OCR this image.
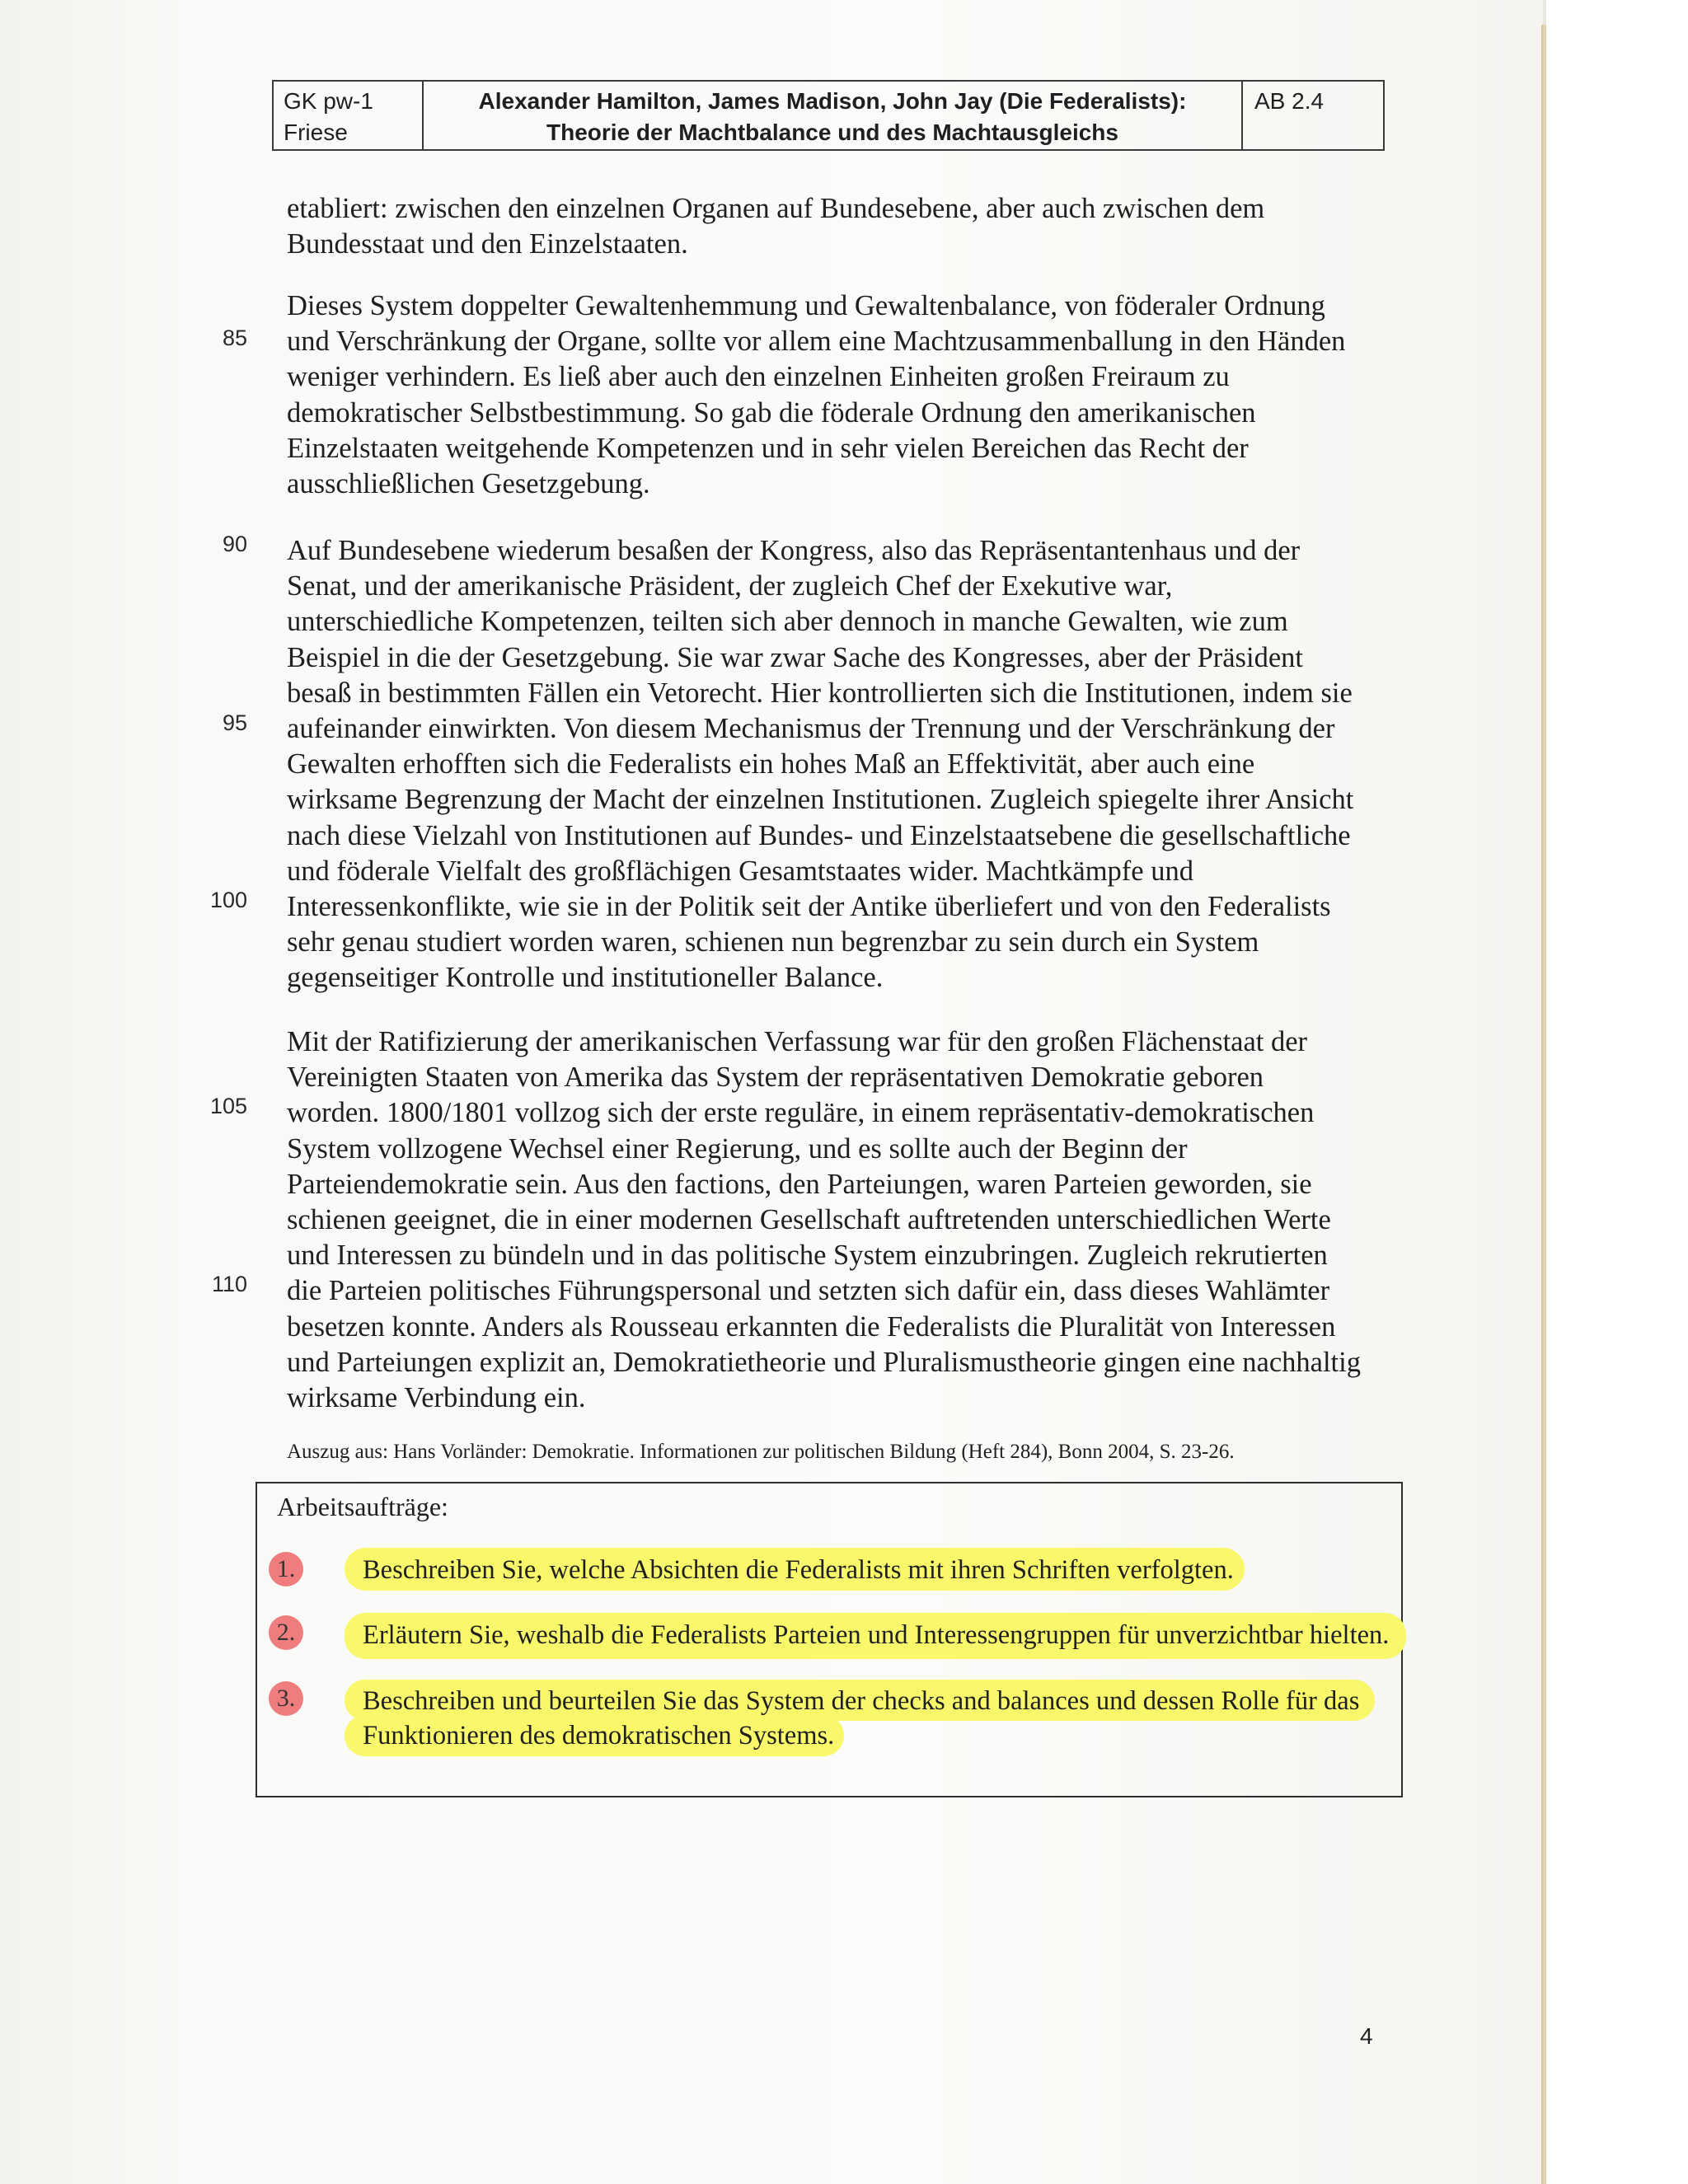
GK pw-1
Friese
Alexander Hamilton, James Madison, John Jay (Die Federalists):
Theorie der Machtbalance und des Machtausgleichs
AB 2.4
85
90
95
100
105
110
etabliert: zwischen den einzelnen Organen auf Bundesebene, aber auch zwischen dem
Bundesstaat und den Einzelstaaten.
Dieses System doppelter Gewaltenhemmung und Gewaltenbalance, von föderaler Ordnung
und Verschränkung der Organe, sollte vor allem eine Machtzusammenballung in den Händen
weniger verhindern. Es ließ aber auch den einzelnen Einheiten großen Freiraum zu
demokratischer Selbstbestimmung. So gab die föderale Ordnung den amerikanischen
Einzelstaaten weitgehende Kompetenzen und in sehr vielen Bereichen das Recht der
ausschließlichen Gesetzgebung.
Auf Bundesebene wiederum besaßen der Kongress, also das Repräsentantenhaus und der
Senat, und der amerikanische Präsident, der zugleich Chef der Exekutive war,
unterschiedliche Kompetenzen, teilten sich aber dennoch in manche Gewalten, wie zum
Beispiel in die der Gesetzgebung. Sie war zwar Sache des Kongresses, aber der Präsident
besaß in bestimmten Fällen ein Vetorecht. Hier kontrollierten sich die Institutionen, indem sie
aufeinander einwirkten. Von diesem Mechanismus der Trennung und der Verschränkung der
Gewalten erhofften sich die Federalists ein hohes Maß an Effektivität, aber auch eine
wirksame Begrenzung der Macht der einzelnen Institutionen. Zugleich spiegelte ihrer Ansicht
nach diese Vielzahl von Institutionen auf Bundes- und Einzelstaatsebene die gesellschaftliche
und föderale Vielfalt des großflächigen Gesamtstaates wider. Machtkämpfe und
Interessenkonflikte, wie sie in der Politik seit der Antike überliefert und von den Federalists
sehr genau studiert worden waren, schienen nun begrenzbar zu sein durch ein System
gegenseitiger Kontrolle und institutioneller Balance.
Mit der Ratifizierung der amerikanischen Verfassung war für den großen Flächenstaat der
Vereinigten Staaten von Amerika das System der repräsentativen Demokratie geboren
worden. 1800/1801 vollzog sich der erste reguläre, in einem repräsentativ-demokratischen
System vollzogene Wechsel einer Regierung, und es sollte auch der Beginn der
Parteiendemokratie sein. Aus den factions, den Parteiungen, waren Parteien geworden, sie
schienen geeignet, die in einer modernen Gesellschaft auftretenden unterschiedlichen Werte
und Interessen zu bündeln und in das politische System einzubringen. Zugleich rekrutierten
die Parteien politisches Führungspersonal und setzten sich dafür ein, dass dieses Wahlämter
besetzen konnte. Anders als Rousseau erkannten die Federalists die Pluralität von Interessen
und Parteiungen explizit an, Demokratietheorie und Pluralismustheorie gingen eine nachhaltig
wirksame Verbindung ein.
Auszug aus: Hans Vorländer: Demokratie. Informationen zur politischen Bildung (Heft 284), Bonn 2004, S. 23-26.
Arbeitsaufträge:
1.	Beschreiben Sie, welche Absichten die Federalists mit ihren Schriften verfolgten.
2.	Erläutern Sie, weshalb die Federalists Parteien und Interessengruppen für unverzichtbar hielten.
3.	Beschreiben und beurteilen Sie das System der checks and balances und dessen Rolle für das
Funktionieren des demokratischen Systems.
4
